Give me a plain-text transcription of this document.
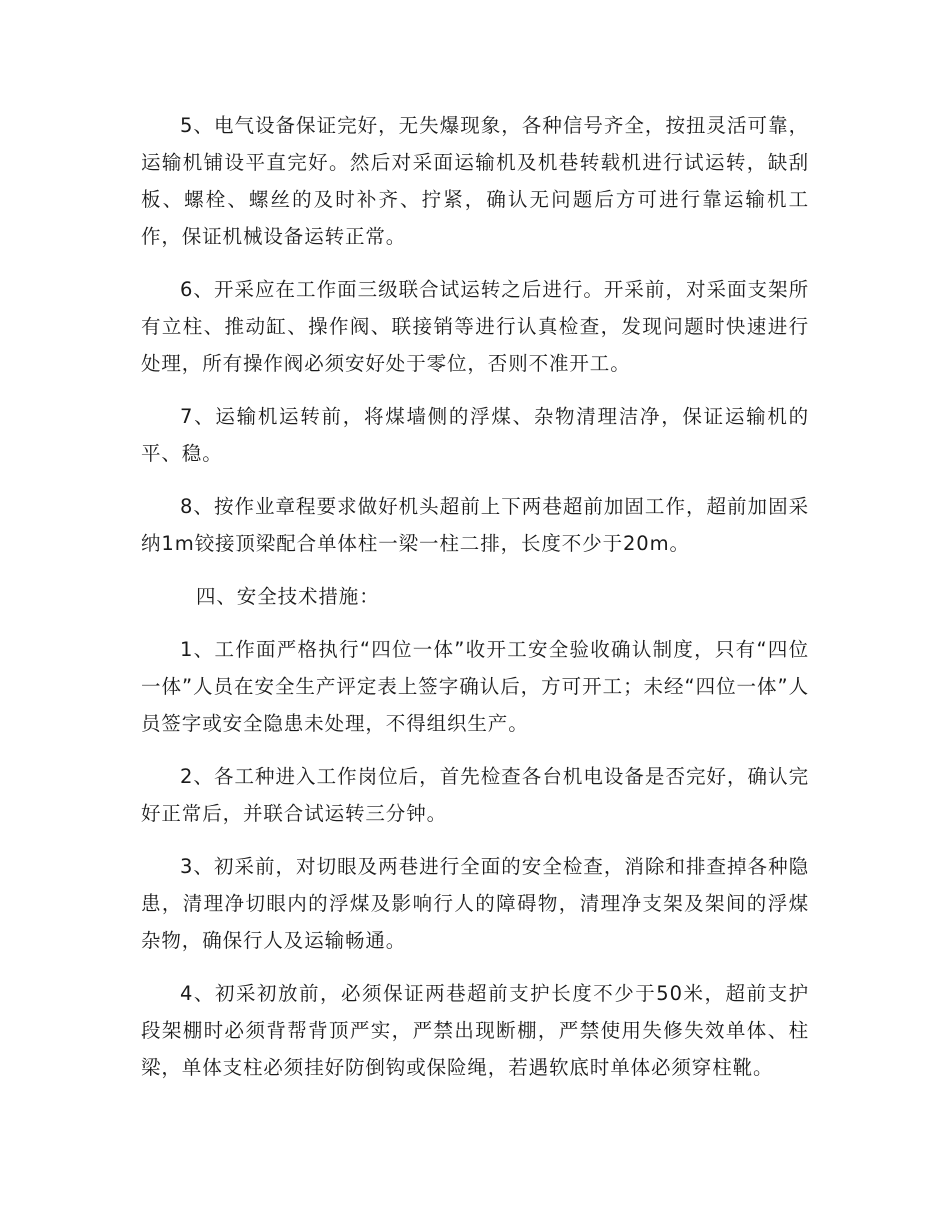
5、电气设备保证完好，无失爆现象，各种信号齐全，按扭灵活可靠，运输机铺设平直完好。然后对采面运输机及机巷转载机进行试运转，缺刮板、螺栓、螺丝的及时补齐、拧紧，确认无问题后方可进行靠运输机工作，保证机械设备运转正常。

6、开采应在工作面三级联合试运转之后进行。开采前，对采面支架所有立柱、推动缸、操作阀、联接销等进行认真检查，发现问题时快速进行处理，所有操作阀必须安好处于零位，否则不准开工。

7、运输机运转前，将煤墙侧的浮煤、杂物清理洁净，保证运输机的平、稳。

8、按作业章程要求做好机头超前上下两巷超前加固工作，超前加固采纳1m铰接顶梁配合单体柱一梁一柱二排，长度不少于20m。

四、安全技术措施：

1、工作面严格执行“四位一体”收开工安全验收确认制度，只有“四位一体”人员在安全生产评定表上签字确认后，方可开工；未经“四位一体”人员签字或安全隐患未处理，不得组织生产。

2、各工种进入工作岗位后，首先检查各台机电设备是否完好，确认完好正常后，并联合试运转三分钟。

3、初采前，对切眼及两巷进行全面的安全检查，消除和排查掉各种隐患，清理净切眼内的浮煤及影响行人的障碍物，清理净支架及架间的浮煤杂物，确保行人及运输畅通。

4、初采初放前，必须保证两巷超前支护长度不少于50米，超前支护段架棚时必须背帮背顶严实，严禁出现断棚，严禁使用失修失效单体、柱梁，单体支柱必须挂好防倒钩或保险绳，若遇软底时单体必须穿柱靴。
